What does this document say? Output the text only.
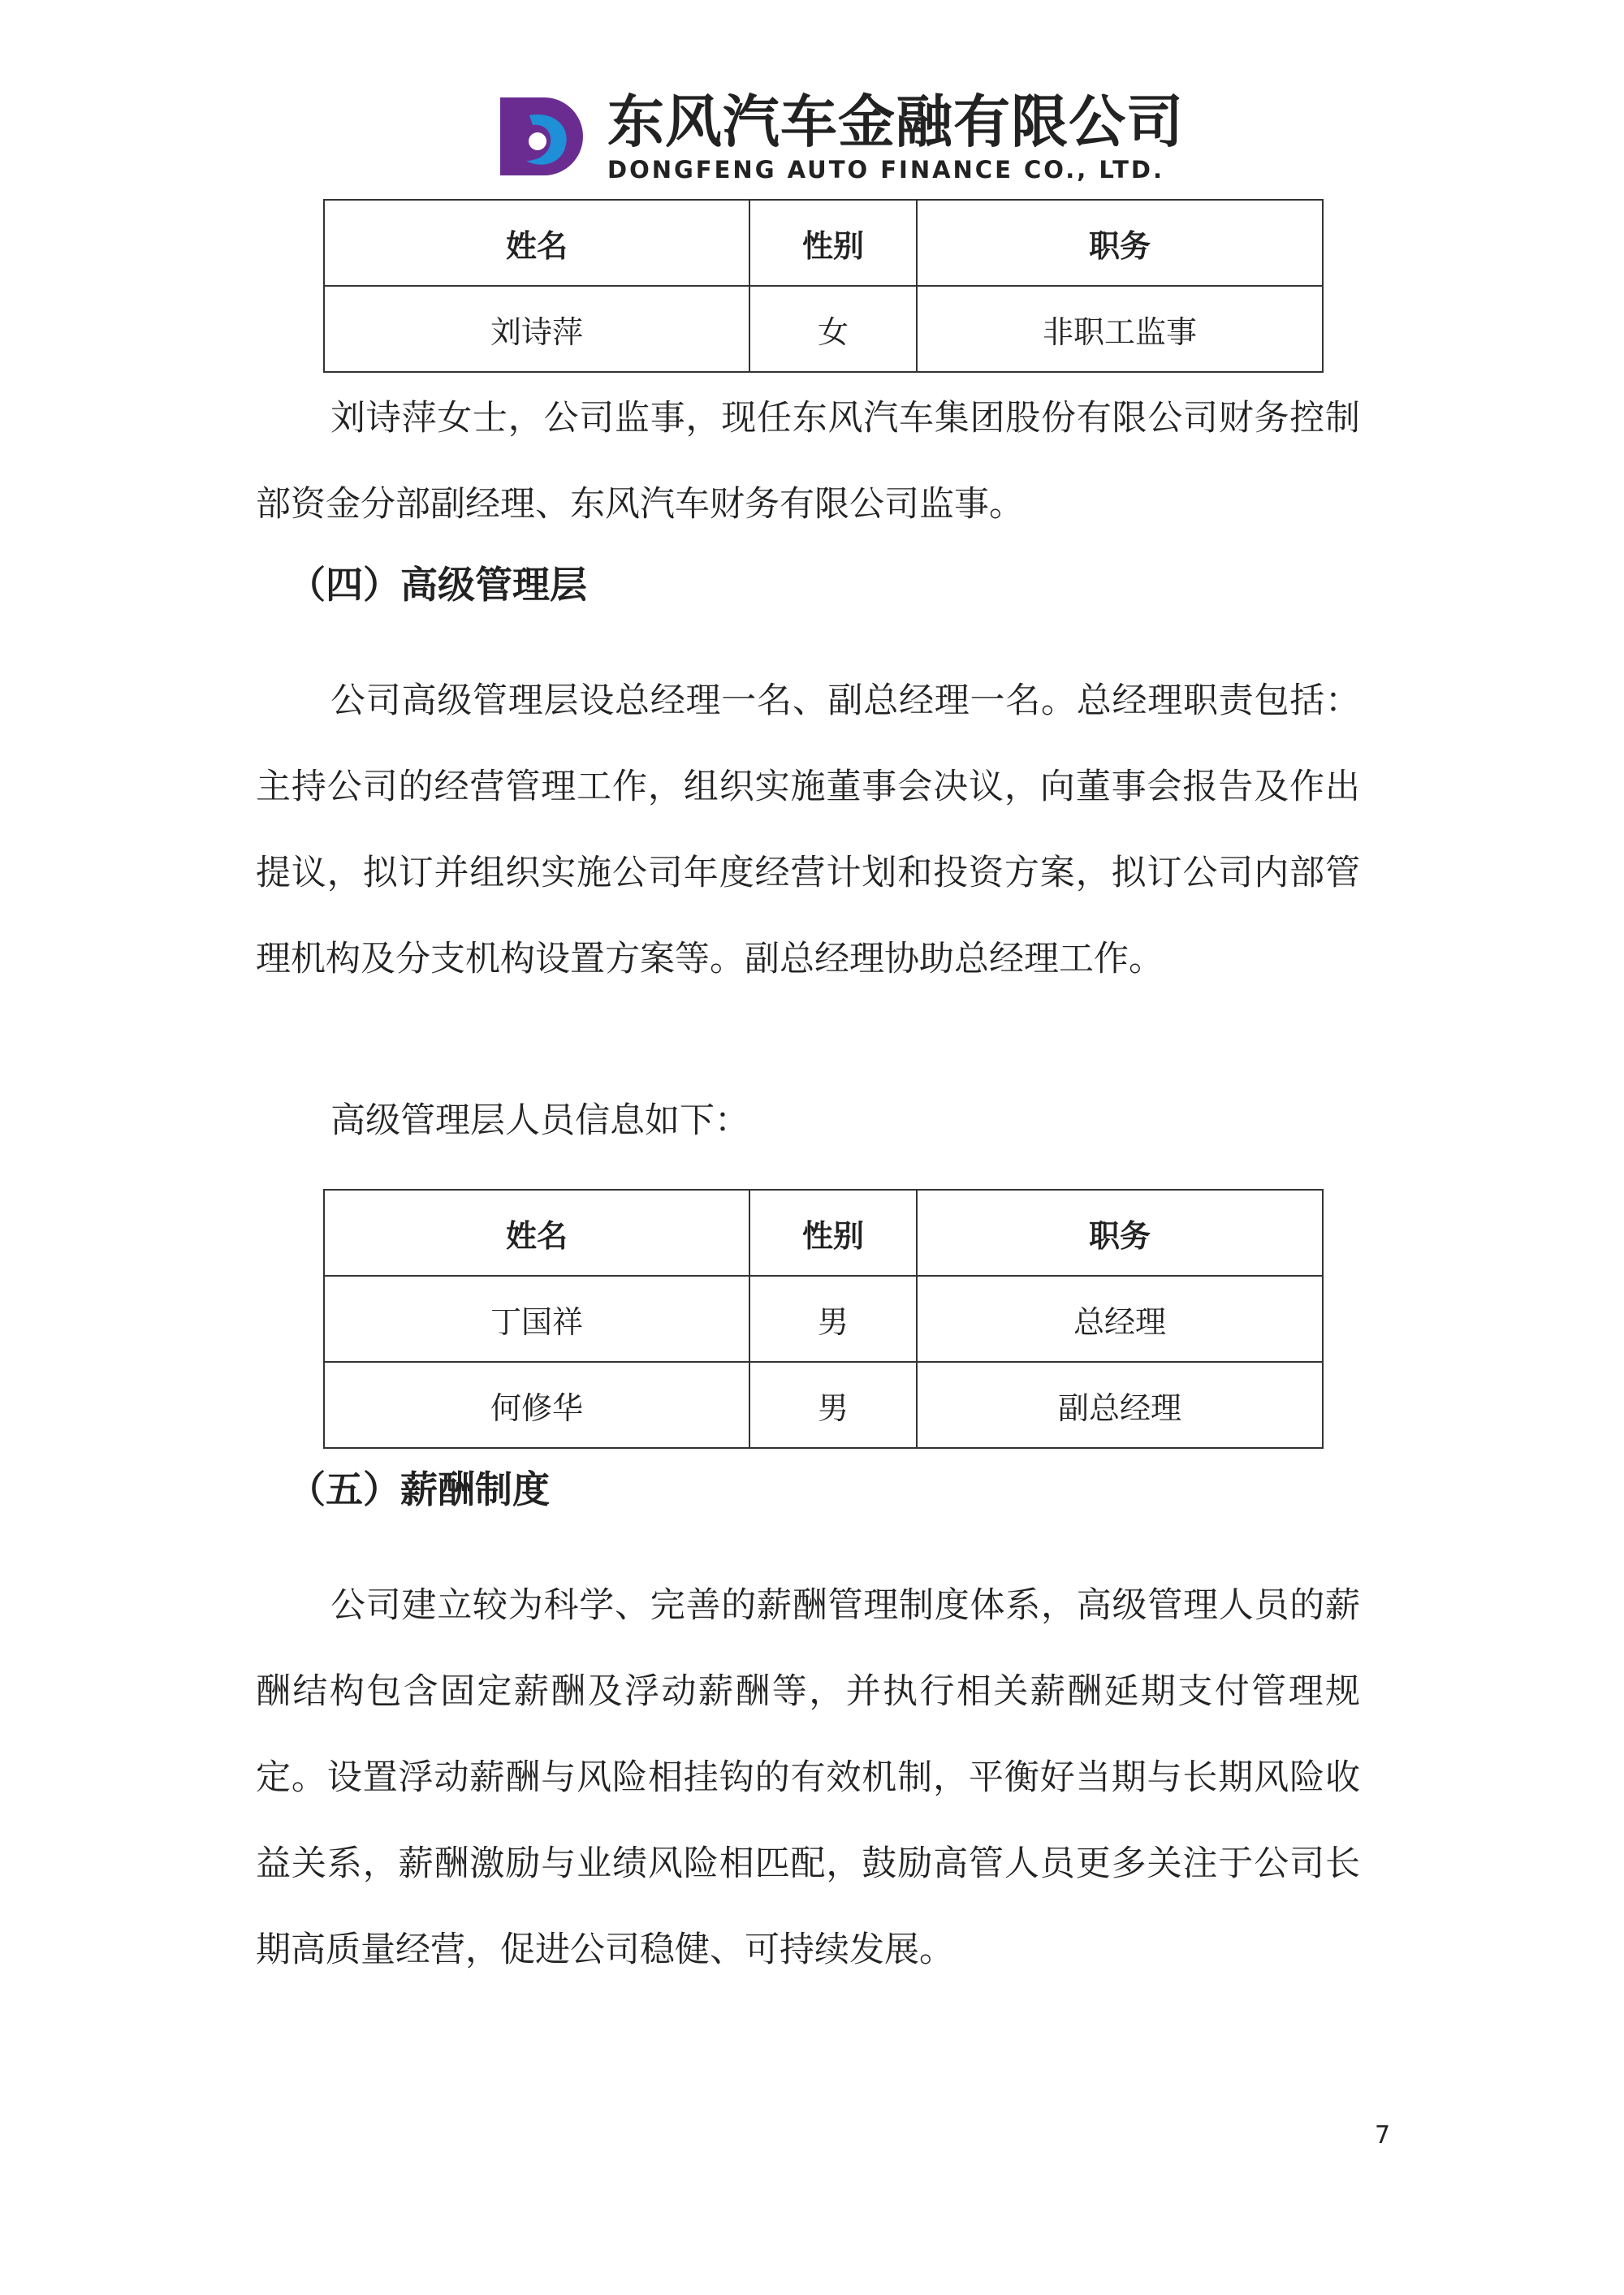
东风汽车金融有限公司
DONGFENG AUTO FINANCE CO., LTD.
姓名	性别	职务
刘诗萍	女	非职工监事

刘诗萍女士，公司监事，现任东风汽车集团股份有限公司财务控制部资金分部副经理、东风汽车财务有限公司监事。

（四）高级管理层

公司高级管理层设总经理一名、副总经理一名。总经理职责包括：主持公司的经营管理工作，组织实施董事会决议，向董事会报告及作出提议，拟订并组织实施公司年度经营计划和投资方案，拟订公司内部管理机构及分支机构设置方案等。副总经理协助总经理工作。

高级管理层人员信息如下：

姓名	性别	职务
丁国祥	男	总经理
何修华	男	副总经理
（五）薪酬制度

公司建立较为科学、完善的薪酬管理制度体系，高级管理人员的薪酬结构包含固定薪酬及浮动薪酬等，并执行相关薪酬延期支付管理规定。设置浮动薪酬与风险相挂钩的有效机制，平衡好当期与长期风险收益关系，薪酬激励与业绩风险相匹配，鼓励高管人员更多关注于公司长期高质量经营，促进公司稳健、可持续发展。

7
